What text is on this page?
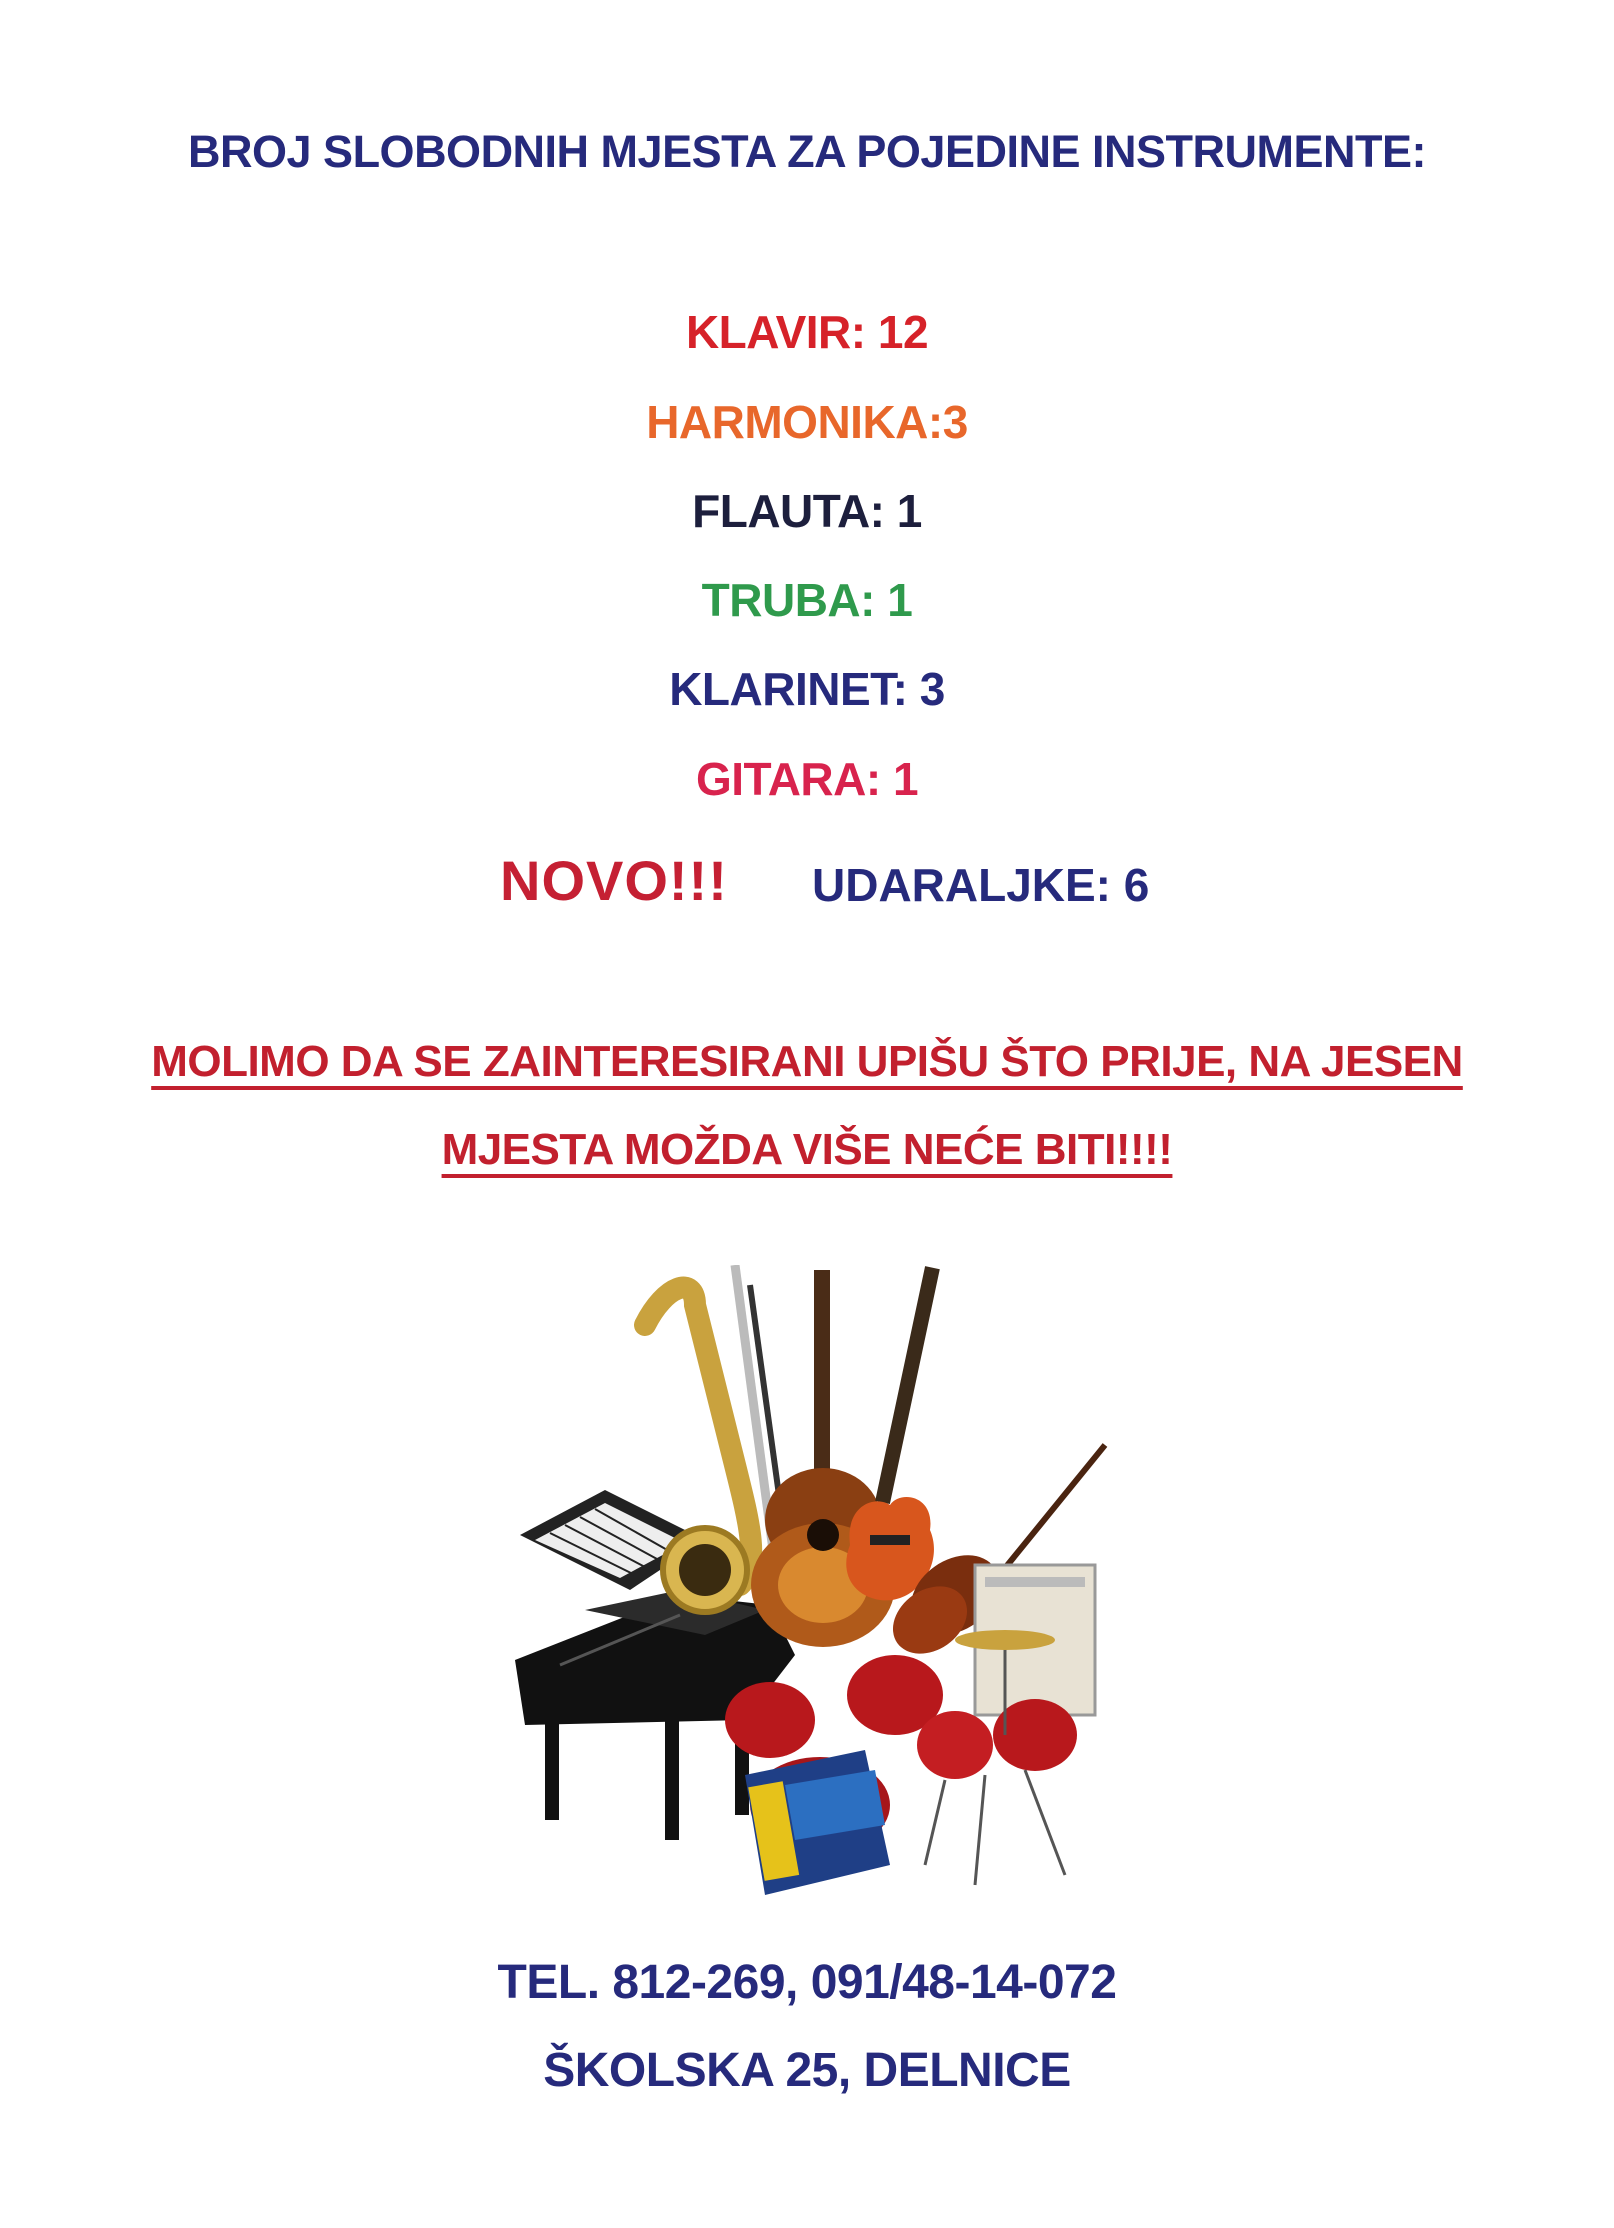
BROJ SLOBODNIH MJESTA ZA POJEDINE INSTRUMENTE:
KLAVIR: 12
HARMONIKA:3
FLAUTA: 1
TRUBA: 1
KLARINET: 3
GITARA: 1
NOVO!!! UDARALJKE: 6
MOLIMO DA SE ZAINTERESIRANI UPIŠU ŠTO PRIJE, NA JESEN
MJESTA MOŽDA VIŠE NEĆE BITI!!!!
TEL. 812-269, 091/48-14-072
ŠKOLSKA 25, DELNICE
